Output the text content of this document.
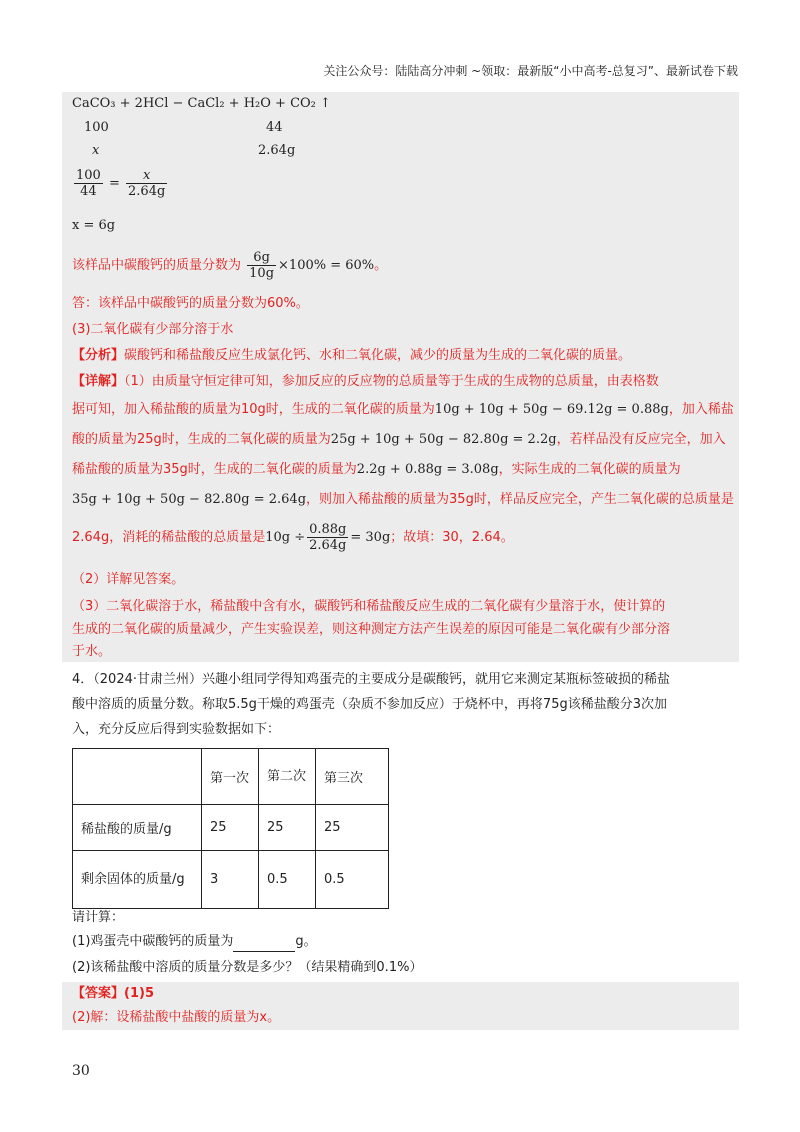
关注公众号：陆陆高分冲刺 ~领取：最新版“小中高考-总复习”、最新试卷下载
CaCO₃ + 2HCl − CaCl₂ + H₂O + CO₂ ↑
100	44
x	2.64g
$\frac{100}{44} = \frac{x}{2.64g}$
x = 6g
该样品中碳酸钙的质量分数为 $\frac{6g}{10g} \times 100\% = 60\%$。
答：该样品中碳酸钙的质量分数为60%。
(3)二氧化碳有少部分溶于水
【分析】碳酸钙和稀盐酸反应生成氯化钙、水和二氧化碳，减少的质量为生成的二氧化碳的质量。
【详解】（1）由质量守恒定律可知，参加反应的反应物的总质量等于生成的生成物的总质量，由表格数
据可知，加入稀盐酸的质量为10g时，生成的二氧化碳的质量为10g + 10g + 50g − 69.12g = 0.88g，加入稀盐
酸的质量为25g时，生成的二氧化碳的质量为25g + 10g + 50g − 82.80g = 2.2g，若样品没有反应完全，加入
稀盐酸的质量为35g时，生成的二氧化碳的质量为2.2g + 0.88g = 3.08g，实际生成的二氧化碳的质量为
35g + 10g + 50g − 82.80g = 2.64g，则加入稀盐酸的质量为35g时，样品反应完全，产生二氧化碳的总质量是
2.64g，消耗的稀盐酸的总质量是$10g \div \frac{0.88g}{2.64g} = 30g$；故填：30，2.64。
（2）详解见答案。
（3）二氧化碳溶于水，稀盐酸中含有水，碳酸钙和稀盐酸反应生成的二氧化碳有少量溶于水，使计算的
生成的二氧化碳的质量减少，产生实验误差，则这种测定方法产生误差的原因可能是二氧化碳有少部分溶
于水。
4．（2024·甘肃兰州）兴趣小组同学得知鸡蛋壳的主要成分是碳酸钙，就用它来测定某瓶标签破损的稀盐
酸中溶质的质量分数。称取5.5g干燥的鸡蛋壳（杂质不参加反应）于烧杯中，再将75g该稀盐酸分3次加
入，充分反应后得到实验数据如下：
	第一次	第二次	第三次
稀盐酸的质量/g	25	25	25
剩余固体的质量/g	3	0.5	0.5
请计算：
(1)鸡蛋壳中碳酸钙的质量为	g。
(2)该稀盐酸中溶质的质量分数是多少？（结果精确到0.1%）
【答案】(1)5
(2)解：设稀盐酸中盐酸的质量为x。
30
